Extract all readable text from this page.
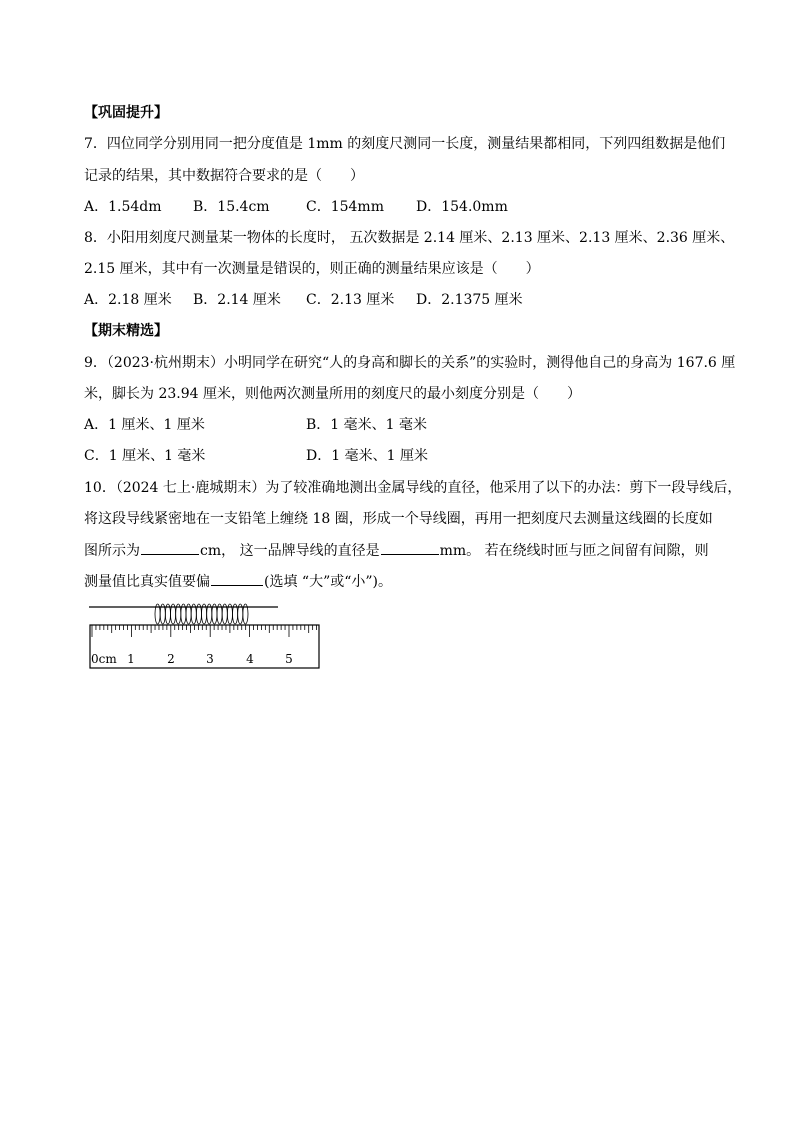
【巩固提升】
7．四位同学分别用同一把分度值是 1mm 的刻度尺测同一长度，测量结果都相同，下列四组数据是他们
记录的结果，其中数据符合要求的是（　　）
A．1.54dm B．15.4cm	C．154mm D．154.0mm
8．小阳用刻度尺测量某一物体的长度时， 五次数据是 2.14 厘米、2.13 厘米、2.13 厘米、2.36 厘米、
2.15 厘米，其中有一次测量是错误的，则正确的测量结果应该是（　　）
A．2.18 厘米 B．2.14 厘米 C．2.13 厘米 D．2.1375 厘米
【期末精选】
9．（2023·杭州期末）小明同学在研究“人的身高和脚长的关系”的实验时，测得他自己的身高为 167.6 厘
米，脚长为 23.94 厘米，则他两次测量所用的刻度尺的最小刻度分别是（　　）
A．1 厘米、1 厘米	B．1 毫米、1 毫米
C．1 厘米、1 毫米	D．1 毫米、1 厘米
10．（2024 七上·鹿城期末）为了较准确地测出金属导线的直径，他采用了以下的办法：剪下一段导线后，
将这段导线紧密地在一支铅笔上缠绕 18 圈，形成一个导线圈，再用一把刻度尺去测量这线圈的长度如
图所示为	cm， 这一品牌导线的直径是	mm。 若在绕线时匝与匝之间留有间隙，则
测量值比真实值要偏	(选填 “大”或“小”)。
0cm 1	2	3	4	5
